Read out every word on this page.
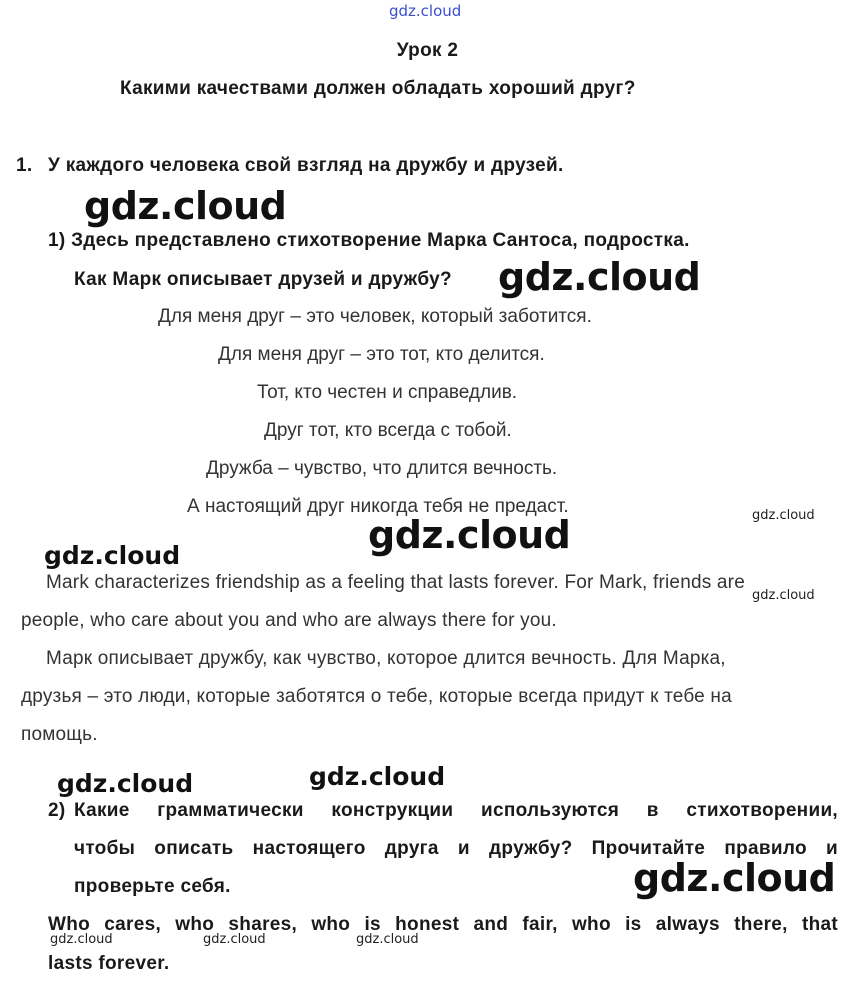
gdz.cloud
Урок 2
Какими качествами должен обладать хороший друг?
1. У каждого человека свой взгляд на дружбу и друзей.
gdz.cloud
1) Здесь представлено стихотворение Марка Сантоса, подростка.
Как Марк описывает друзей и дружбу? gdz.cloud
Для меня друг – это человек, который заботится.
Для меня друг – это тот, кто делится.
Тот, кто честен и справедлив.
Друг тот, кто всегда с тобой.
Дружба – чувство, что длится вечность.
А настоящий друг никогда тебя не предаст.	gdz.cloud
gdz.cloud
gdz.cloud
Mark characterizes friendship as a feeling that lasts forever. For Mark, friends are
gdz.cloud
people, who care about you and who are always there for you.
Марк описывает дружбу, как чувство, которое длится вечность. Для Марка,
друзья – это люди, которые заботятся о тебе, которые всегда придут к тебе на
помощь.
gdz.cloud	gdz.cloud
2) Какие грамматически конструкции используются в стихотворении,
чтобы описать настоящего друга и дружбу? Прочитайте правило и
проверьте себя.	gdz.cloud
Who cares, who shares, who is honest and fair, who is always there, that
gdz.cloud	gdz.cloud	gdz.cloud
lasts forever.
